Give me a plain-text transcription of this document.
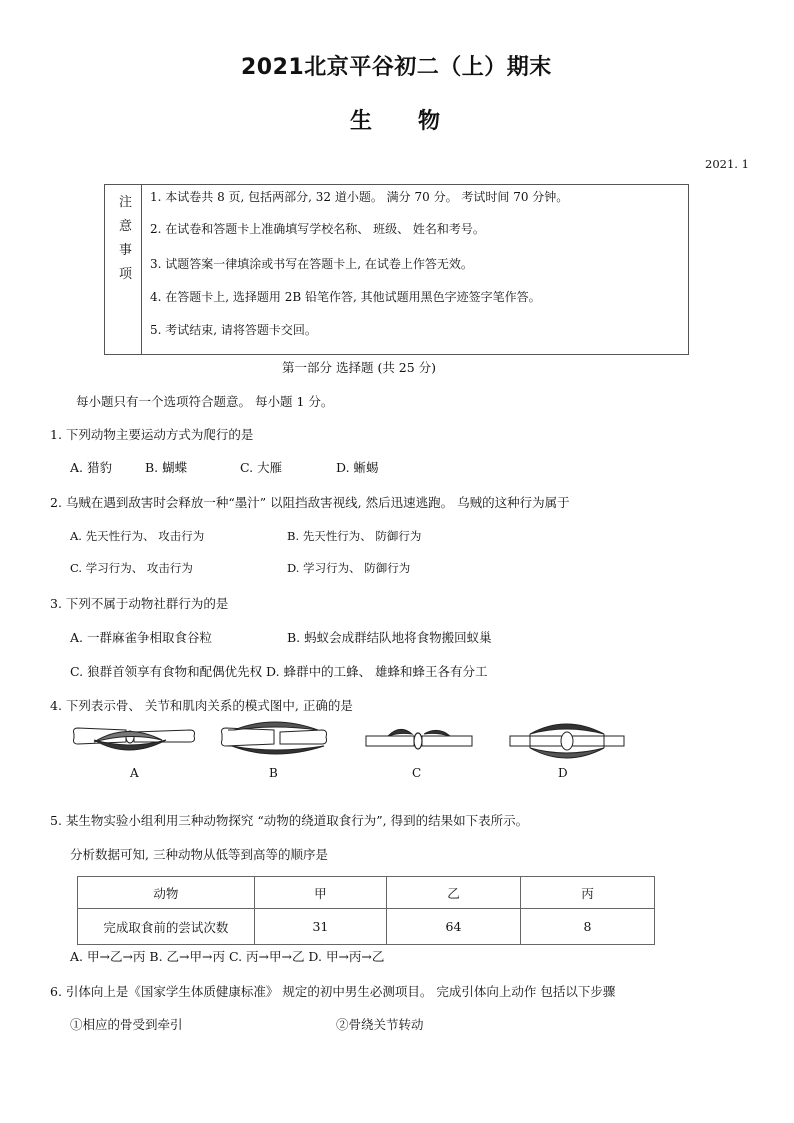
2021北京平谷初二（上）期末
生物
2021. 1
注
意
事
项
1. 本试卷共 8 页, 包括两部分, 32 道小题。 满分 70 分。 考试时间 70 分钟。
2. 在试卷和答题卡上准确填写学校名称、 班级、 姓名和考号。
3. 试题答案一律填涂或书写在答题卡上, 在试卷上作答无效。
4. 在答题卡上, 选择题用 2B 铅笔作答, 其他试题用黑色字迹签字笔作答。
5. 考试结束, 请将答题卡交回。
第一部分 选择题 (共 25 分)
每小题只有一个选项符合题意。 每小题 1 分。
1. 下列动物主要运动方式为爬行的是
A. 猎豹	B. 蝴蝶	C. 大雁	D. 蜥蜴
2. 乌贼在遇到敌害时会释放一种“墨汁” 以阻挡敌害视线, 然后迅速逃跑。 乌贼的这种行为属于
A. 先天性行为、 攻击行为	B. 先天性行为、 防御行为
C. 学习行为、 攻击行为	D. 学习行为、 防御行为
3. 下列不属于动物社群行为的是
A. 一群麻雀争相取食谷粒	B. 蚂蚁会成群结队地将食物搬回蚁巢
C. 狼群首领享有食物和配偶优先权 D. 蜂群中的工蜂、 雄蜂和蜂王各有分工
4. 下列表示骨、 关节和肌肉关系的模式图中, 正确的是
A	B	C	D
5. 某生物实验小组利用三种动物探究 “动物的绕道取食行为”, 得到的结果如下表所示。
分析数据可知, 三种动物从低等到高等的顺序是
动物	甲	乙	丙
完成取食前的尝试次数	31	64	8
A. 甲→乙→丙 B. 乙→甲→丙 C. 丙→甲→乙 D. 甲→丙→乙
6. 引体向上是《国家学生体质健康标准》 规定的初中男生必测项目。 完成引体向上动作 包括以下步骤
①相应的骨受到牵引	②骨绕关节转动
